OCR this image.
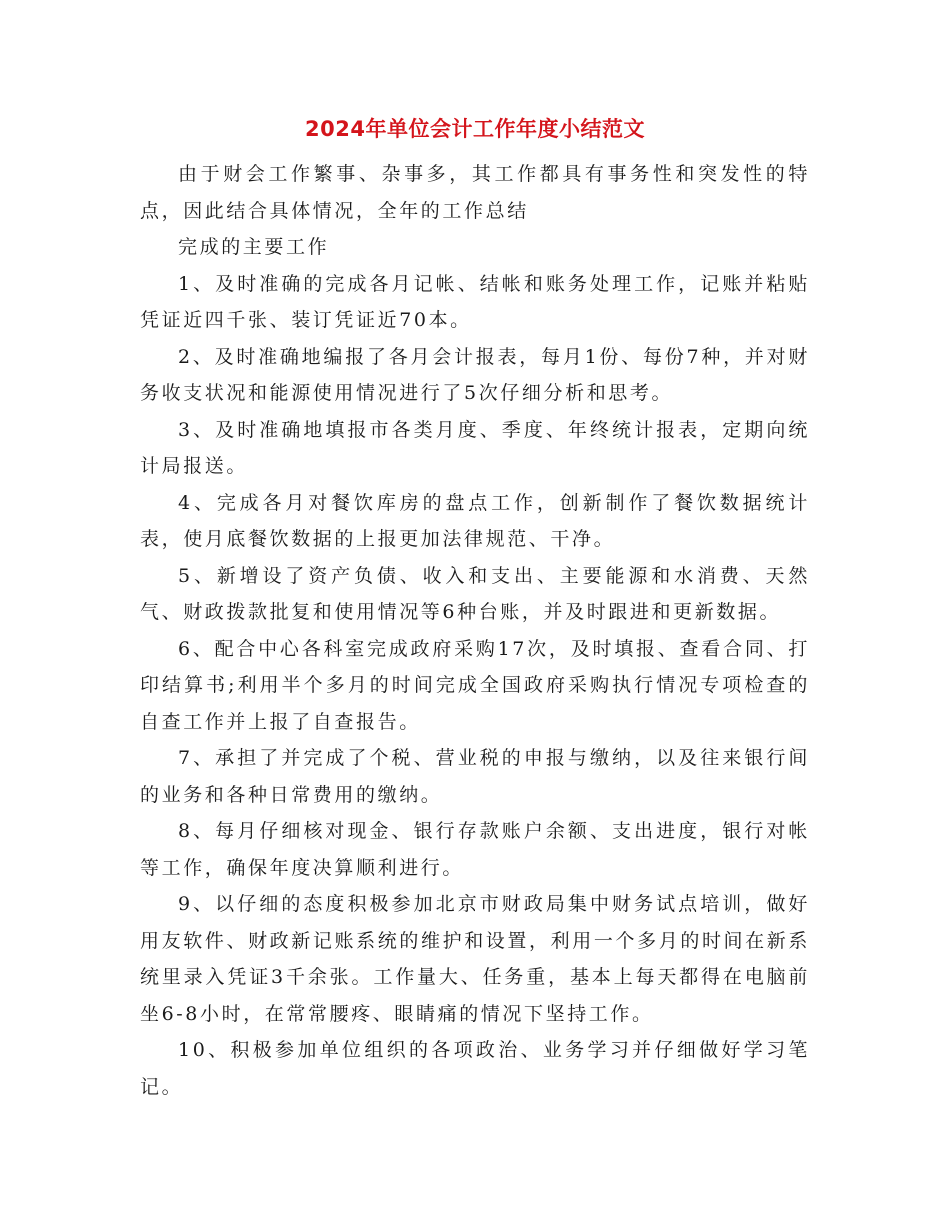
2024年单位会计工作年度小结范文

由于财会工作繁事、杂事多，其工作都具有事务性和突发性的特点，因此结合具体情况，全年的工作总结

完成的主要工作

1、及时准确的完成各月记帐、结帐和账务处理工作，记账并粘贴凭证近四千张、装订凭证近70本。

2、及时准确地编报了各月会计报表，每月1份、每份7种，并对财务收支状况和能源使用情况进行了5次仔细分析和思考。

3、及时准确地填报市各类月度、季度、年终统计报表，定期向统计局报送。

4、完成各月对餐饮库房的盘点工作，创新制作了餐饮数据统计表，使月底餐饮数据的上报更加法律规范、干净。

5、新增设了资产负债、收入和支出、主要能源和水消费、天然气、财政拨款批复和使用情况等6种台账，并及时跟进和更新数据。

6、配合中心各科室完成政府采购17次，及时填报、查看合同、打印结算书;利用半个多月的时间完成全国政府采购执行情况专项检查的自查工作并上报了自查报告。

7、承担了并完成了个税、营业税的申报与缴纳，以及往来银行间的业务和各种日常费用的缴纳。

8、每月仔细核对现金、银行存款账户余额、支出进度，银行对帐等工作，确保年度决算顺利进行。

9、以仔细的态度积极参加北京市财政局集中财务试点培训，做好用友软件、财政新记账系统的维护和设置，利用一个多月的时间在新系统里录入凭证3千余张。工作量大、任务重，基本上每天都得在电脑前坐6-8小时，在常常腰疼、眼睛痛的情况下坚持工作。

10、积极参加单位组织的各项政治、业务学习并仔细做好学习笔记。
